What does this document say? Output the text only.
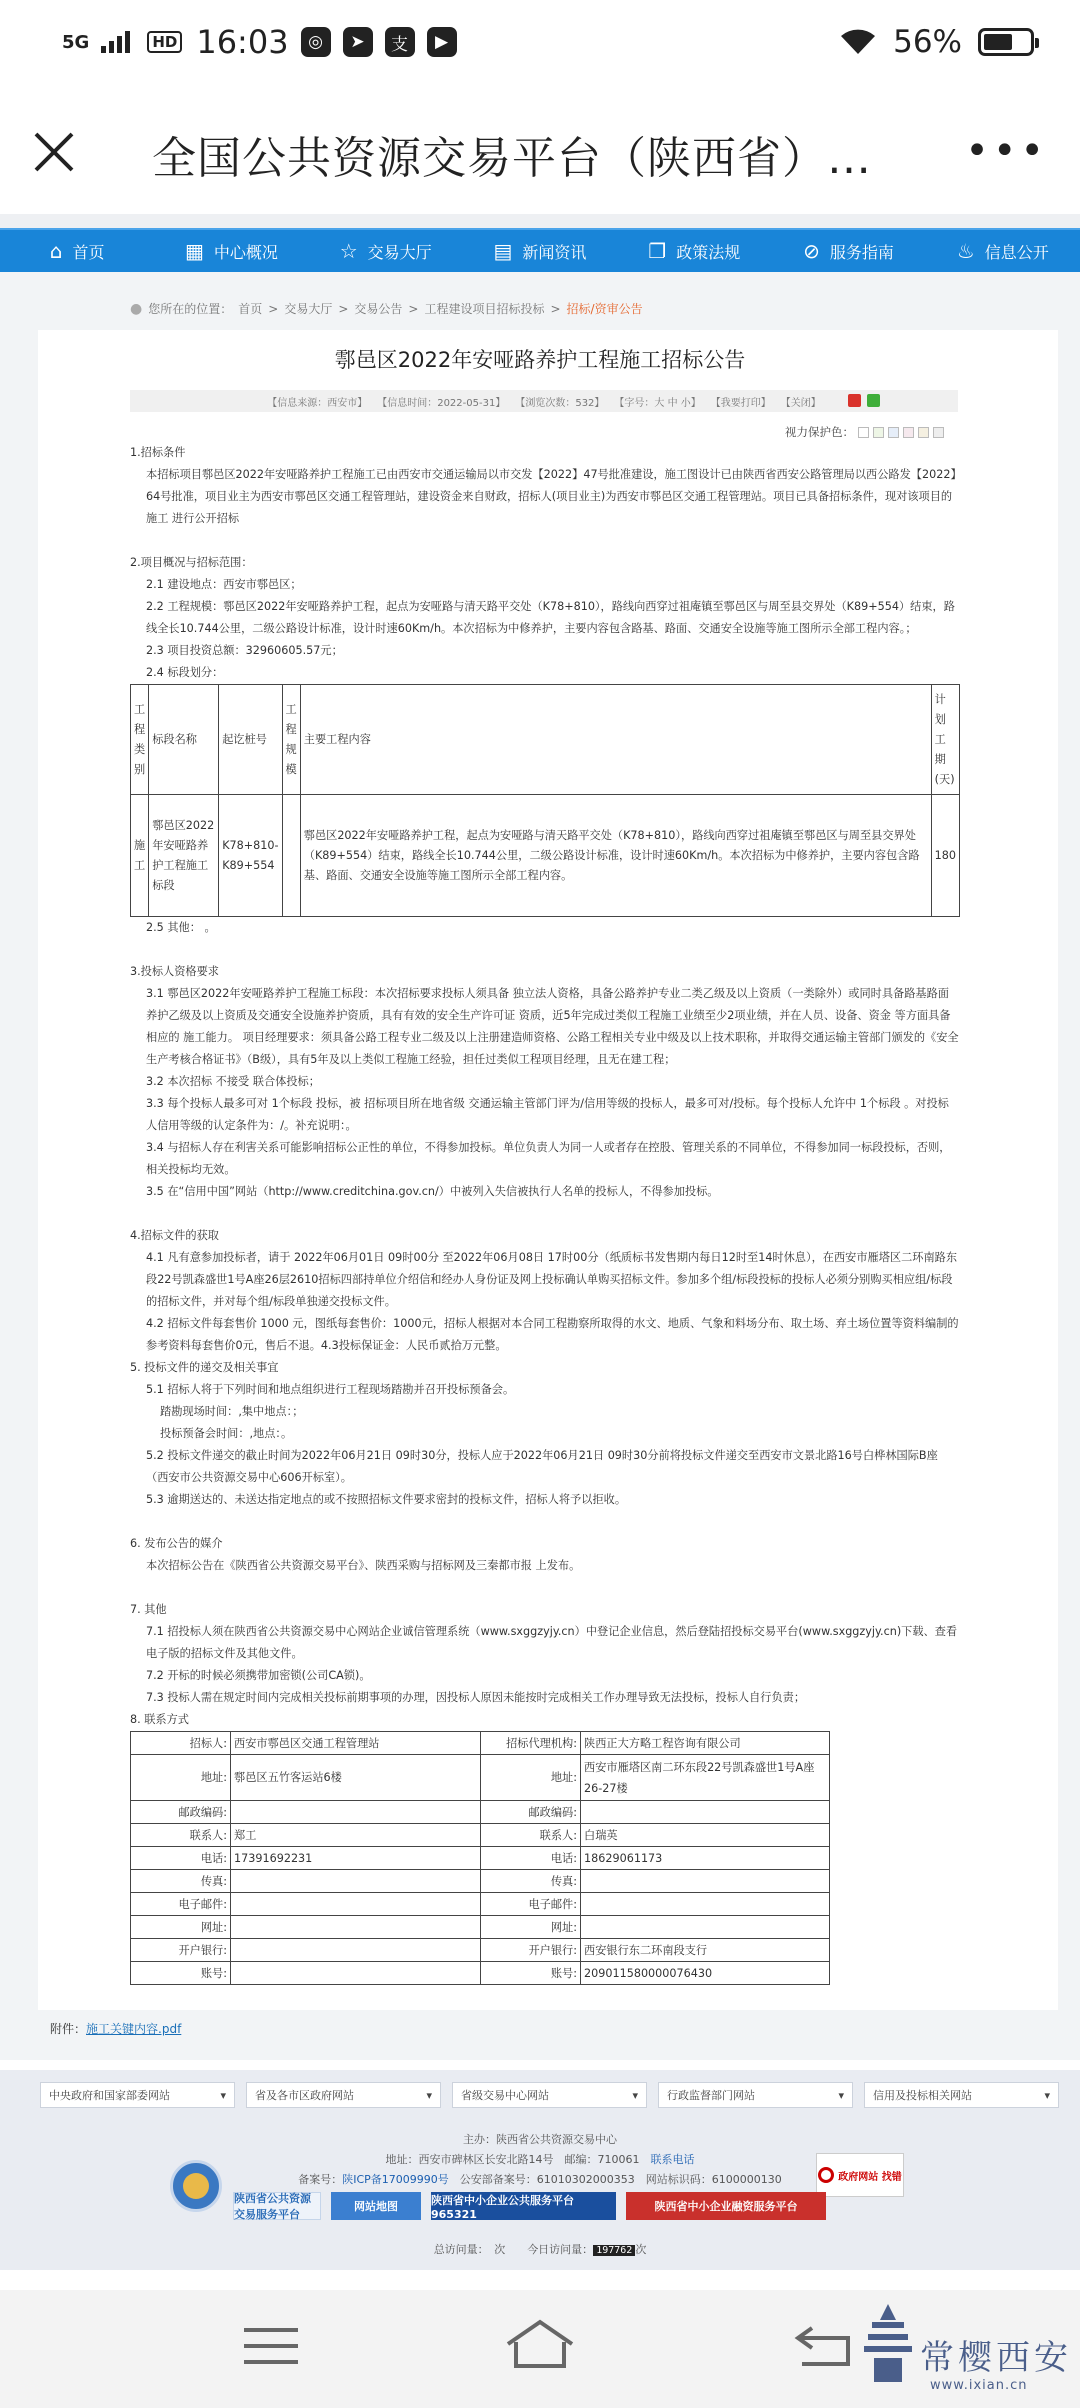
5G	HD 16:03	◎	➤	支	▶	56%
全国公共资源交易平台（陕西省）… •••
⌂ 首页	▦ 中心概况	☆ 交易大厅	▤ 新闻资讯	❐ 政策法规	⊘ 服务指南	♨ 信息公开
● 您所在的位置： 首页 > 交易大厅 > 交易公告 > 工程建设项目招标投标 > 招标/资审公告
鄠邑区2022年安哑路养护工程施工招标公告
【信息来源：西安市】 【信息时间：2022-05-31】 【浏览次数：532】 【字号：大 中 小】 【我要打印】 【关闭】
视力保护色：

1.招标条件

本招标项目鄠邑区2022年安哑路养护工程施工已由西安市交通运输局以市交发【2022】47号批准建设，施工图设计已由陕西省西安公路管理局以西公路发【2022】64号批准，项目业主为西安市鄠邑区交通工程管理站，建设资金来自财政，招标人(项目业主)为西安市鄠邑区交通工程管理站。项目已具备招标条件，现对该项目的 施工 进行公开招标

2.项目概况与招标范围：

2.1 建设地点：西安市鄠邑区；

2.2 工程规模：鄠邑区2022年安哑路养护工程，起点为安哑路与清天路平交处（K78+810），路线向西穿过祖庵镇至鄠邑区与周至县交界处（K89+554）结束，路线全长10.744公里，二级公路设计标准，设计时速60Km/h。本次招标为中修养护，主要内容包含路基、路面、交通安全设施等施工图所示全部工程内容。；

2.3 项目投资总额：32960605.57元；

2.4 标段划分：

工程类别	标段名称	起讫桩号	工程规模	主要工程内容	计划工期(天)
施工	鄠邑区2022年安哑路养护工程施工标段	K78+810-K89+554		鄠邑区2022年安哑路养护工程，起点为安哑路与清天路平交处（K78+810），路线向西穿过祖庵镇至鄠邑区与周至县交界处（K89+554）结束，路线全长10.744公里，二级公路设计标准，设计时速60Km/h。本次招标为中修养护，主要内容包含路基、路面、交通安全设施等施工图所示全部工程内容。	180

2.5 其他： 。

3.投标人资格要求

3.1 鄠邑区2022年安哑路养护工程施工标段：本次招标要求投标人须具备 独立法人资格，具备公路养护专业二类乙级及以上资质（一类除外）或同时具备路基路面养护乙级及以上资质及交通安全设施养护资质，具有有效的安全生产许可证 资质，近5年完成过类似工程施工业绩至少2项业绩，并在人员、设备、资金 等方面具备相应的 施工能力。 项目经理要求：须具备公路工程专业二级及以上注册建造师资格、公路工程相关专业中级及以上技术职称，并取得交通运输主管部门颁发的《安全生产考核合格证书》（B级），具有5年及以上类似工程施工经验，担任过类似工程项目经理，且无在建工程；

3.2 本次招标 不接受 联合体投标；

3.3 每个投标人最多可对 1个标段 投标，被 招标项目所在地省级 交通运输主管部门评为/信用等级的投标人，最多可对/投标。每个投标人允许中 1个标段 。对投标人信用等级的认定条件为：/。补充说明：。

3.4 与招标人存在利害关系可能影响招标公正性的单位，不得参加投标。单位负责人为同一人或者存在控股、管理关系的不同单位，不得参加同一标段投标，否则，相关投标均无效。

3.5 在“信用中国”网站（http://www.creditchina.gov.cn/）中被列入失信被执行人名单的投标人，不得参加投标。

4.招标文件的获取

4.1 凡有意参加投标者，请于 2022年06月01日 09时00分 至2022年06月08日 17时00分（纸质标书发售期内每日12时至14时休息），在西安市雁塔区二环南路东段22号凯森盛世1号A座26层2610招标四部持单位介绍信和经办人身份证及网上投标确认单购买招标文件。参加多个组/标段投标的投标人必须分别购买相应组/标段的招标文件，并对每个组/标段单独递交投标文件。

4.2 招标文件每套售价 1000 元，图纸每套售价：1000元，招标人根据对本合同工程勘察所取得的水文、地质、气象和料场分布、取土场、弃土场位置等资料编制的参考资料每套售价0元，售后不退。4.3投标保证金：人民币贰拾万元整。

5. 投标文件的递交及相关事宜

5.1 招标人将于下列时间和地点组织进行工程现场踏勘并召开投标预备会。

踏勘现场时间：,集中地点：；

投标预备会时间：,地点：。

5.2 投标文件递交的截止时间为2022年06月21日 09时30分，投标人应于2022年06月21日 09时30分前将投标文件递交至西安市文景北路16号白桦林国际B座（西安市公共资源交易中心606开标室）。

5.3 逾期送达的、未送达指定地点的或不按照招标文件要求密封的投标文件，招标人将予以拒收。

6. 发布公告的媒介

本次招标公告在《陕西省公共资源交易平台》、陕西采购与招标网及三秦都市报 上发布。

7. 其他

7.1 招投标人须在陕西省公共资源交易中心网站企业诚信管理系统（www.sxggzyjy.cn）中登记企业信息，然后登陆招投标交易平台(www.sxggzyjy.cn)下载、查看电子版的招标文件及其他文件。

7.2 开标的时候必须携带加密锁(公司CA锁)。

7.3 投标人需在规定时间内完成相关投标前期事项的办理，因投标人原因未能按时完成相关工作办理导致无法投标，投标人自行负责；

8. 联系方式

招标人:	西安市鄠邑区交通工程管理站	招标代理机构:	陕西正大方略工程咨询有限公司
地址:	鄠邑区五竹客运站6楼	地址:	西安市雁塔区南二环东段22号凯森盛世1号A座26-27楼
邮政编码:		邮政编码:	
联系人:	郑工	联系人:	白瑞英
电话:	17391692231	电话:	18629061173
传真:		传真:	
电子邮件:		电子邮件:	
网址:		网址:	
开户银行:		开户银行:	西安银行东二环南段支行
账号:		账号:	209011580000076430
附件：施工关键内容.pdf
中央政府和国家部委网站	▾	省及各市区政府网站	▾	省级交易中心网站	▾	行政监督部门网站	▾	信用及投标相关网站	▾
主办：陕西省公共资源交易中心
地址：西安市碑林区长安北路14号　 邮编：710061　 联系电话
备案号：陕ICP备17009990号　 公安部备案号：61010302000353　 网站标识码：6100000130	政府网站 找错
陕西省公共资源交易服务平台
网站地图	陕西省中小企业公共服务平台 965321
陕西省中小企业融资服务平台
总访问量：　 次　　 今日访问量： 197762 次
常樱西安
www.ixian.cn
